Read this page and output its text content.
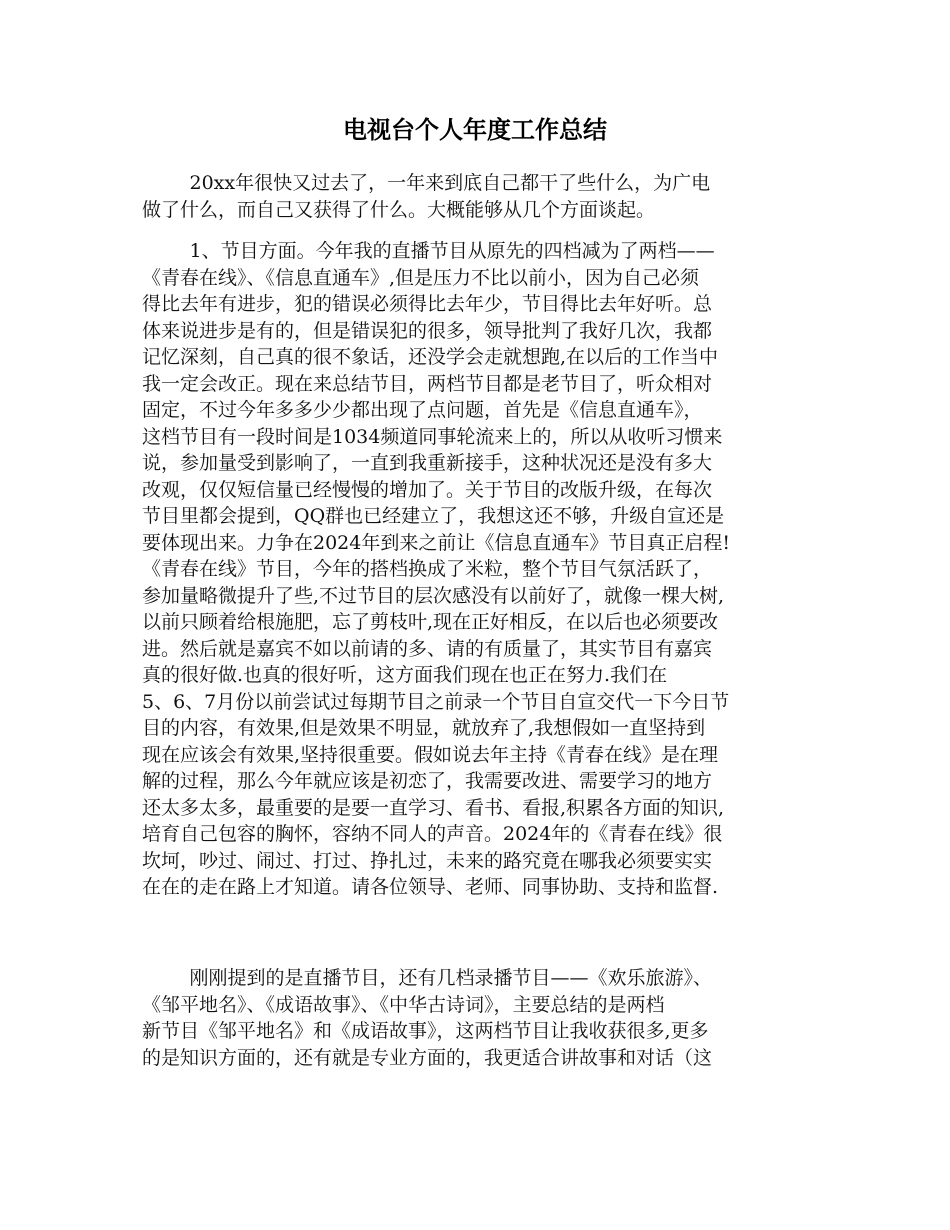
电视台个人年度工作总结
　　 20xx年很快又过去了，一年来到底自己都干了些什么，为广电
做了什么，而自己又获得了什么。大概能够从几个方面谈起。
　　 1、节目方面。今年我的直播节目从原先的四档减为了两档——
《青春在线》、《信息直通车》,但是压力不比以前小，因为自己必须
得比去年有进步，犯的错误必须得比去年少，节目得比去年好听。总
体来说进步是有的，但是错误犯的很多，领导批判了我好几次，我都
记忆深刻，自己真的很不象话，还没学会走就想跑,在以后的工作当中
我一定会改正。现在来总结节目，两档节目都是老节目了，听众相对
固定，不过今年多多少少都出现了点问题，首先是《信息直通车》，
这档节目有一段时间是1034频道同事轮流来上的，所以从收听习惯来
说，参加量受到影响了，一直到我重新接手，这种状况还是没有多大
改观，仅仅短信量已经慢慢的增加了。关于节目的改版升级，在每次
节目里都会提到，QQ群也已经建立了，我想这还不够，升级自宣还是
要体现出来。力争在2024年到来之前让《信息直通车》节目真正启程!
《青春在线》节目，今年的搭档换成了米粒，整个节目气氛活跃了，
参加量略微提升了些,不过节目的层次感没有以前好了，就像一棵大树,
以前只顾着给根施肥，忘了剪枝叶,现在正好相反，在以后也必须要改
进。然后就是嘉宾不如以前请的多、请的有质量了，其实节目有嘉宾
真的很好做.也真的很好听，这方面我们现在也正在努力.我们在
5、6、7月份以前尝试过每期节目之前录一个节目自宣交代一下今日节
目的内容，有效果,但是效果不明显，就放弃了,我想假如一直坚持到
现在应该会有效果,坚持很重要。假如说去年主持《青春在线》是在理
解的过程，那么今年就应该是初恋了，我需要改进、需要学习的地方
还太多太多，最重要的是要一直学习、看书、看报,积累各方面的知识,
培育自己包容的胸怀，容纳不同人的声音。2024年的《青春在线》很
坎坷，吵过、闹过、打过、挣扎过，未来的路究竟在哪我必须要实实
在在的走在路上才知道。请各位领导、老师、同事协助、支持和监督.
　　 刚刚提到的是直播节目，还有几档录播节目——《欢乐旅游》、
《邹平地名》、《成语故事》、《中华古诗词》，主要总结的是两档
新节目《邹平地名》和《成语故事》，这两档节目让我收获很多,更多
的是知识方面的，还有就是专业方面的，我更适合讲故事和对话（这
